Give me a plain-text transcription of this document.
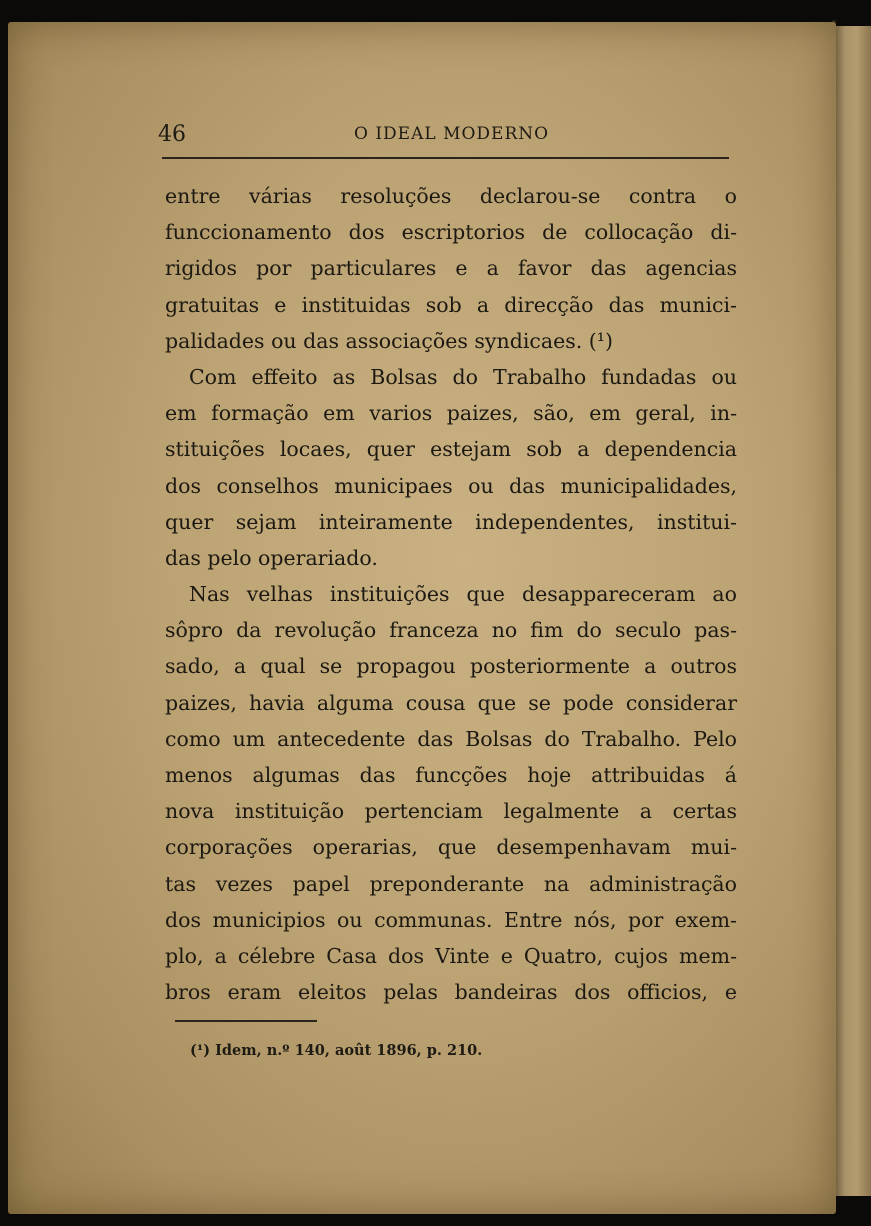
46	O IDEAL MODERNO
entre várias resoluções declarou-se contra o
funccionamento dos escriptorios de collocação di-
rigidos por particulares e a favor das agencias
gratuitas e instituidas sob a direcção das munici-
palidades ou das associações syndicaes. (¹)
Com effeito as Bolsas do Trabalho fundadas ou
em formação em varios paizes, são, em geral, in-
stituições locaes, quer estejam sob a dependencia
dos conselhos municipaes ou das municipalidades,
quer sejam inteiramente independentes, institui-
das pelo operariado.
Nas velhas instituições que desappareceram ao
sôpro da revolução franceza no fim do seculo pas-
sado, a qual se propagou posteriormente a outros
paizes, havia alguma cousa que se pode considerar
como um antecedente das Bolsas do Trabalho. Pelo
menos algumas das funcções hoje attribuidas á
nova instituição pertenciam legalmente a certas
corporações operarias, que desempenhavam mui-
tas vezes papel preponderante na administração
dos municipios ou communas. Entre nós, por exem-
plo, a célebre Casa dos Vinte e Quatro, cujos mem-
bros eram eleitos pelas bandeiras dos officios, e
(¹) Idem, n.º 140, août 1896, p. 210.
